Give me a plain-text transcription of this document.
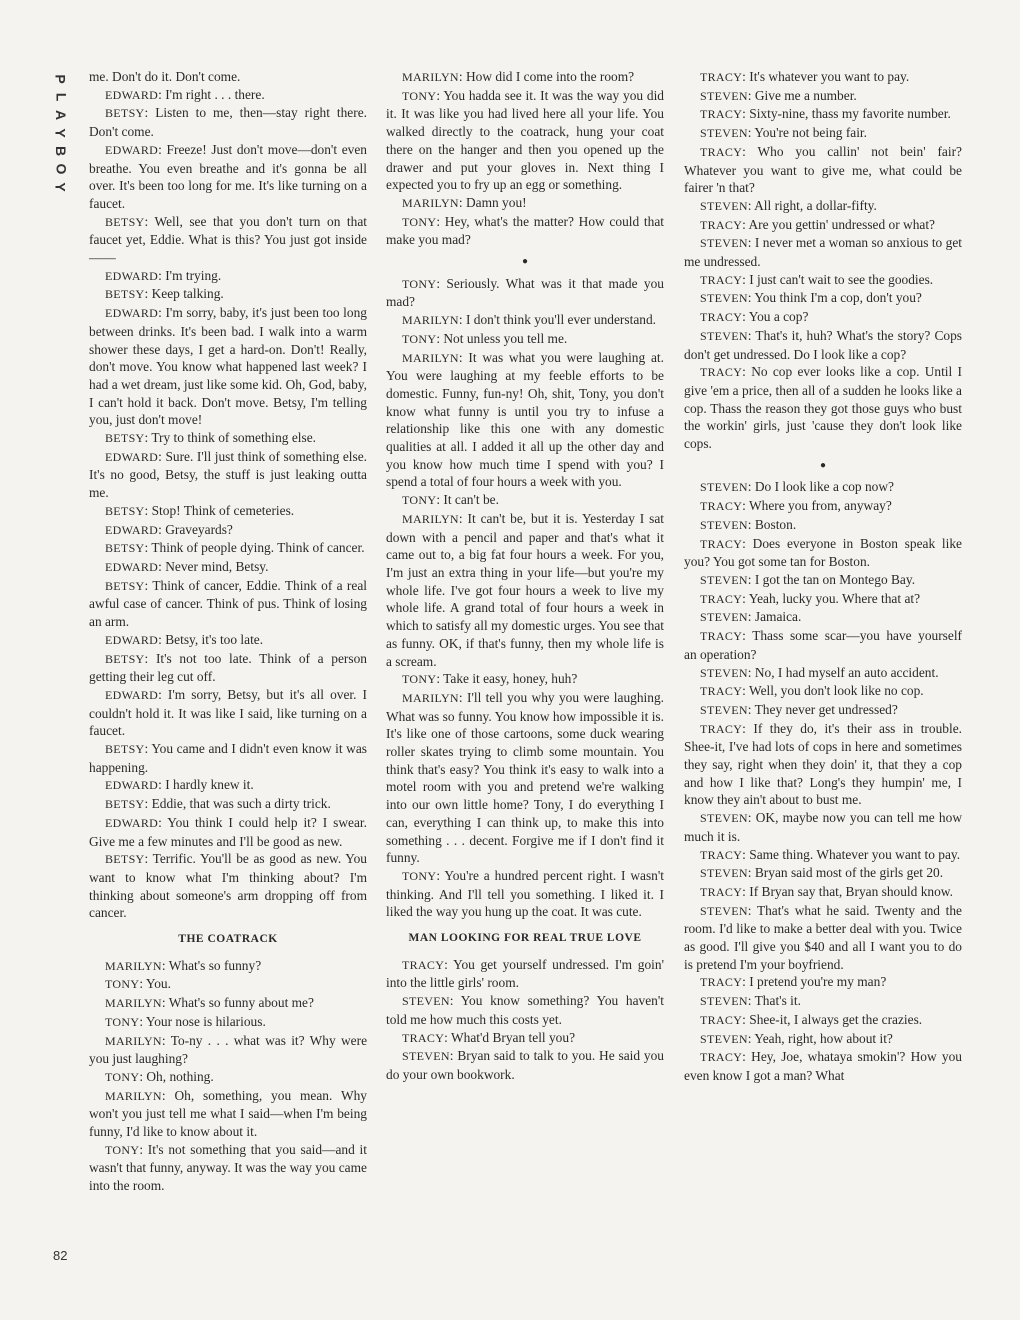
P
L
A
Y
B
O
Y
82

me. Don't do it. Don't come.

EDWARD: I'm right . . . there.

BETSY: Listen to me, then—stay right there. Don't come.

EDWARD: Freeze! Just don't move—don't even breathe. You even breathe and it's gonna be all over. It's been too long for me. It's like turning on a faucet.

BETSY: Well, see that you don't turn on that faucet yet, Eddie. What is this? You just got inside——

EDWARD: I'm trying.

BETSY: Keep talking.

EDWARD: I'm sorry, baby, it's just been too long between drinks. It's been bad. I walk into a warm shower these days, I get a hard-on. Don't! Really, don't move. You know what happened last week? I had a wet dream, just like some kid. Oh, God, baby, I can't hold it back. Don't move. Betsy, I'm telling you, just don't move!

BETSY: Try to think of something else.

EDWARD: Sure. I'll just think of something else. It's no good, Betsy, the stuff is just leaking outta me.

BETSY: Stop! Think of cemeteries.

EDWARD: Graveyards?

BETSY: Think of people dying. Think of cancer.

EDWARD: Never mind, Betsy.

BETSY: Think of cancer, Eddie. Think of a real awful case of cancer. Think of pus. Think of losing an arm.

EDWARD: Betsy, it's too late.

BETSY: It's not too late. Think of a person getting their leg cut off.

EDWARD: I'm sorry, Betsy, but it's all over. I couldn't hold it. It was like I said, like turning on a faucet.

BETSY: You came and I didn't even know it was happening.

EDWARD: I hardly knew it.

BETSY: Eddie, that was such a dirty trick.

EDWARD: You think I could help it? I swear. Give me a few minutes and I'll be good as new.

BETSY: Terrific. You'll be as good as new. You want to know what I'm thinking about? I'm thinking about someone's arm dropping off from cancer.

THE COATRACK

MARILYN: What's so funny?

TONY: You.

MARILYN: What's so funny about me?

TONY: Your nose is hilarious.

MARILYN: To-ny . . . what was it? Why were you just laughing?

TONY: Oh, nothing.

MARILYN: Oh, something, you mean. Why won't you just tell me what I said—when I'm being funny, I'd like to know about it.

TONY: It's not something that you said—and it wasn't that funny, anyway. It was the way you came into the room.

MARILYN: How did I come into the room?

TONY: You hadda see it. It was the way you did it. It was like you had lived here all your life. You walked directly to the coatrack, hung your coat there on the hanger and then you opened up the drawer and put your gloves in. Next thing I expected you to fry up an egg or something.

MARILYN: Damn you!

TONY: Hey, what's the matter? How could that make you mad?

●

TONY: Seriously. What was it that made you mad?

MARILYN: I don't think you'll ever understand.

TONY: Not unless you tell me.

MARILYN: It was what you were laughing at. You were laughing at my feeble efforts to be domestic. Funny, fun-ny! Oh, shit, Tony, you don't know what funny is until you try to infuse a relationship like this one with any domestic qualities at all. I added it all up the other day and you know how much time I spend with you? I spend a total of four hours a week with you.

TONY: It can't be.

MARILYN: It can't be, but it is. Yesterday I sat down with a pencil and paper and that's what it came out to, a big fat four hours a week. For you, I'm just an extra thing in your life—but you're my whole life. I've got four hours a week to live my whole life. A grand total of four hours a week in which to satisfy all my domestic urges. You see that as funny. OK, if that's funny, then my whole life is a scream.

TONY: Take it easy, honey, huh?

MARILYN: I'll tell you why you were laughing. What was so funny. You know how impossible it is. It's like one of those cartoons, some duck wearing roller skates trying to climb some mountain. You think that's easy? You think it's easy to walk into a motel room with you and pretend we're walking into our own little home? Tony, I do everything I can, everything I can think up, to make this into something . . . decent. Forgive me if I don't find it funny.

TONY: You're a hundred percent right. I wasn't thinking. And I'll tell you something. I liked it. I liked the way you hung up the coat. It was cute.

MAN LOOKING FOR REAL TRUE LOVE

TRACY: You get yourself undressed. I'm goin' into the little girls' room.

STEVEN: You know something? You haven't told me how much this costs yet.

TRACY: What'd Bryan tell you?

STEVEN: Bryan said to talk to you. He said you do your own bookwork.

TRACY: It's whatever you want to pay.

STEVEN: Give me a number.

TRACY: Sixty-nine, thass my favorite number.

STEVEN: You're not being fair.

TRACY: Who you callin' not bein' fair? Whatever you want to give me, what could be fairer 'n that?

STEVEN: All right, a dollar-fifty.

TRACY: Are you gettin' undressed or what?

STEVEN: I never met a woman so anxious to get me undressed.

TRACY: I just can't wait to see the goodies.

STEVEN: You think I'm a cop, don't you?

TRACY: You a cop?

STEVEN: That's it, huh? What's the story? Cops don't get undressed. Do I look like a cop?

TRACY: No cop ever looks like a cop. Until I give 'em a price, then all of a sudden he looks like a cop. Thass the reason they got those guys who bust the workin' girls, just 'cause they don't look like cops.

●

STEVEN: Do I look like a cop now?

TRACY: Where you from, anyway?

STEVEN: Boston.

TRACY: Does everyone in Boston speak like you? You got some tan for Boston.

STEVEN: I got the tan on Montego Bay.

TRACY: Yeah, lucky you. Where that at?

STEVEN: Jamaica.

TRACY: Thass some scar—you have yourself an operation?

STEVEN: No, I had myself an auto accident.

TRACY: Well, you don't look like no cop.

STEVEN: They never get undressed?

TRACY: If they do, it's their ass in trouble. Shee-it, I've had lots of cops in here and sometimes they say, right when they doin' it, that they a cop and how I like that? Long's they humpin' me, I know they ain't about to bust me.

STEVEN: OK, maybe now you can tell me how much it is.

TRACY: Same thing. Whatever you want to pay.

STEVEN: Bryan said most of the girls get 20.

TRACY: If Bryan say that, Bryan should know.

STEVEN: That's what he said. Twenty and the room. I'd like to make a better deal with you. Twice as good. I'll give you $40 and all I want you to do is pretend I'm your boyfriend.

TRACY: I pretend you're my man?

STEVEN: That's it.

TRACY: Shee-it, I always get the crazies.

STEVEN: Yeah, right, how about it?

TRACY: Hey, Joe, whataya smokin'? How you even know I got a man? What
